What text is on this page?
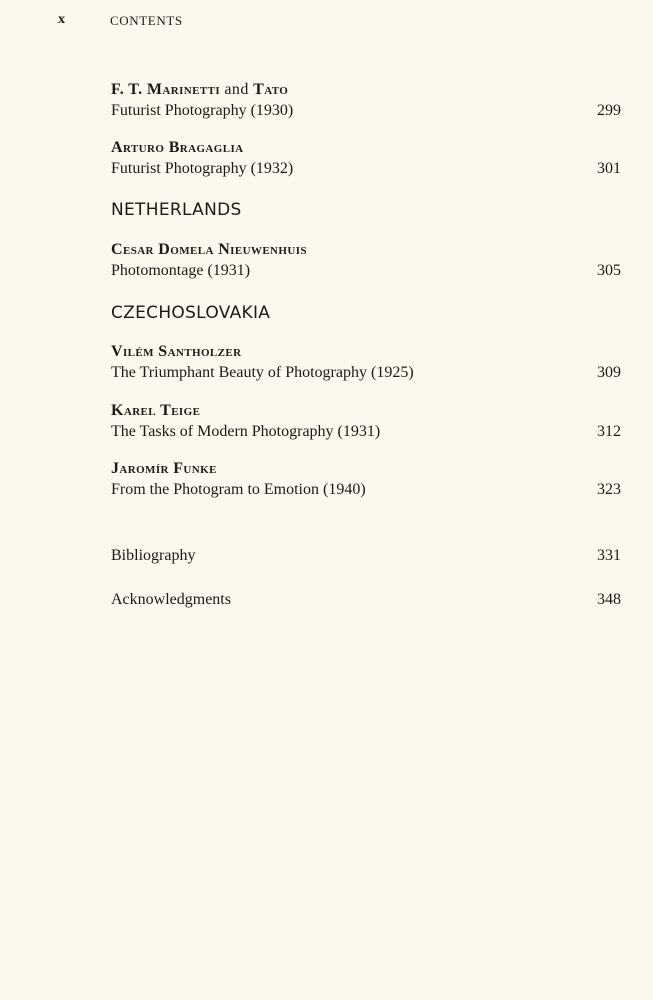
x	CONTENTS
F. T. Marinetti and Tato
Futurist Photography (1930)	299
Arturo Bragaglia
Futurist Photography (1932)	301
NETHERLANDS
Cesar Domela Nieuwenhuis
Photomontage (1931)	305
CZECHOSLOVAKIA
Vilém Santholzer
The Triumphant Beauty of Photography (1925)	309
Karel Teige
The Tasks of Modern Photography (1931)	312
Jaromír Funke
From the Photogram to Emotion (1940)	323
Bibliography	331
Acknowledgments	348
